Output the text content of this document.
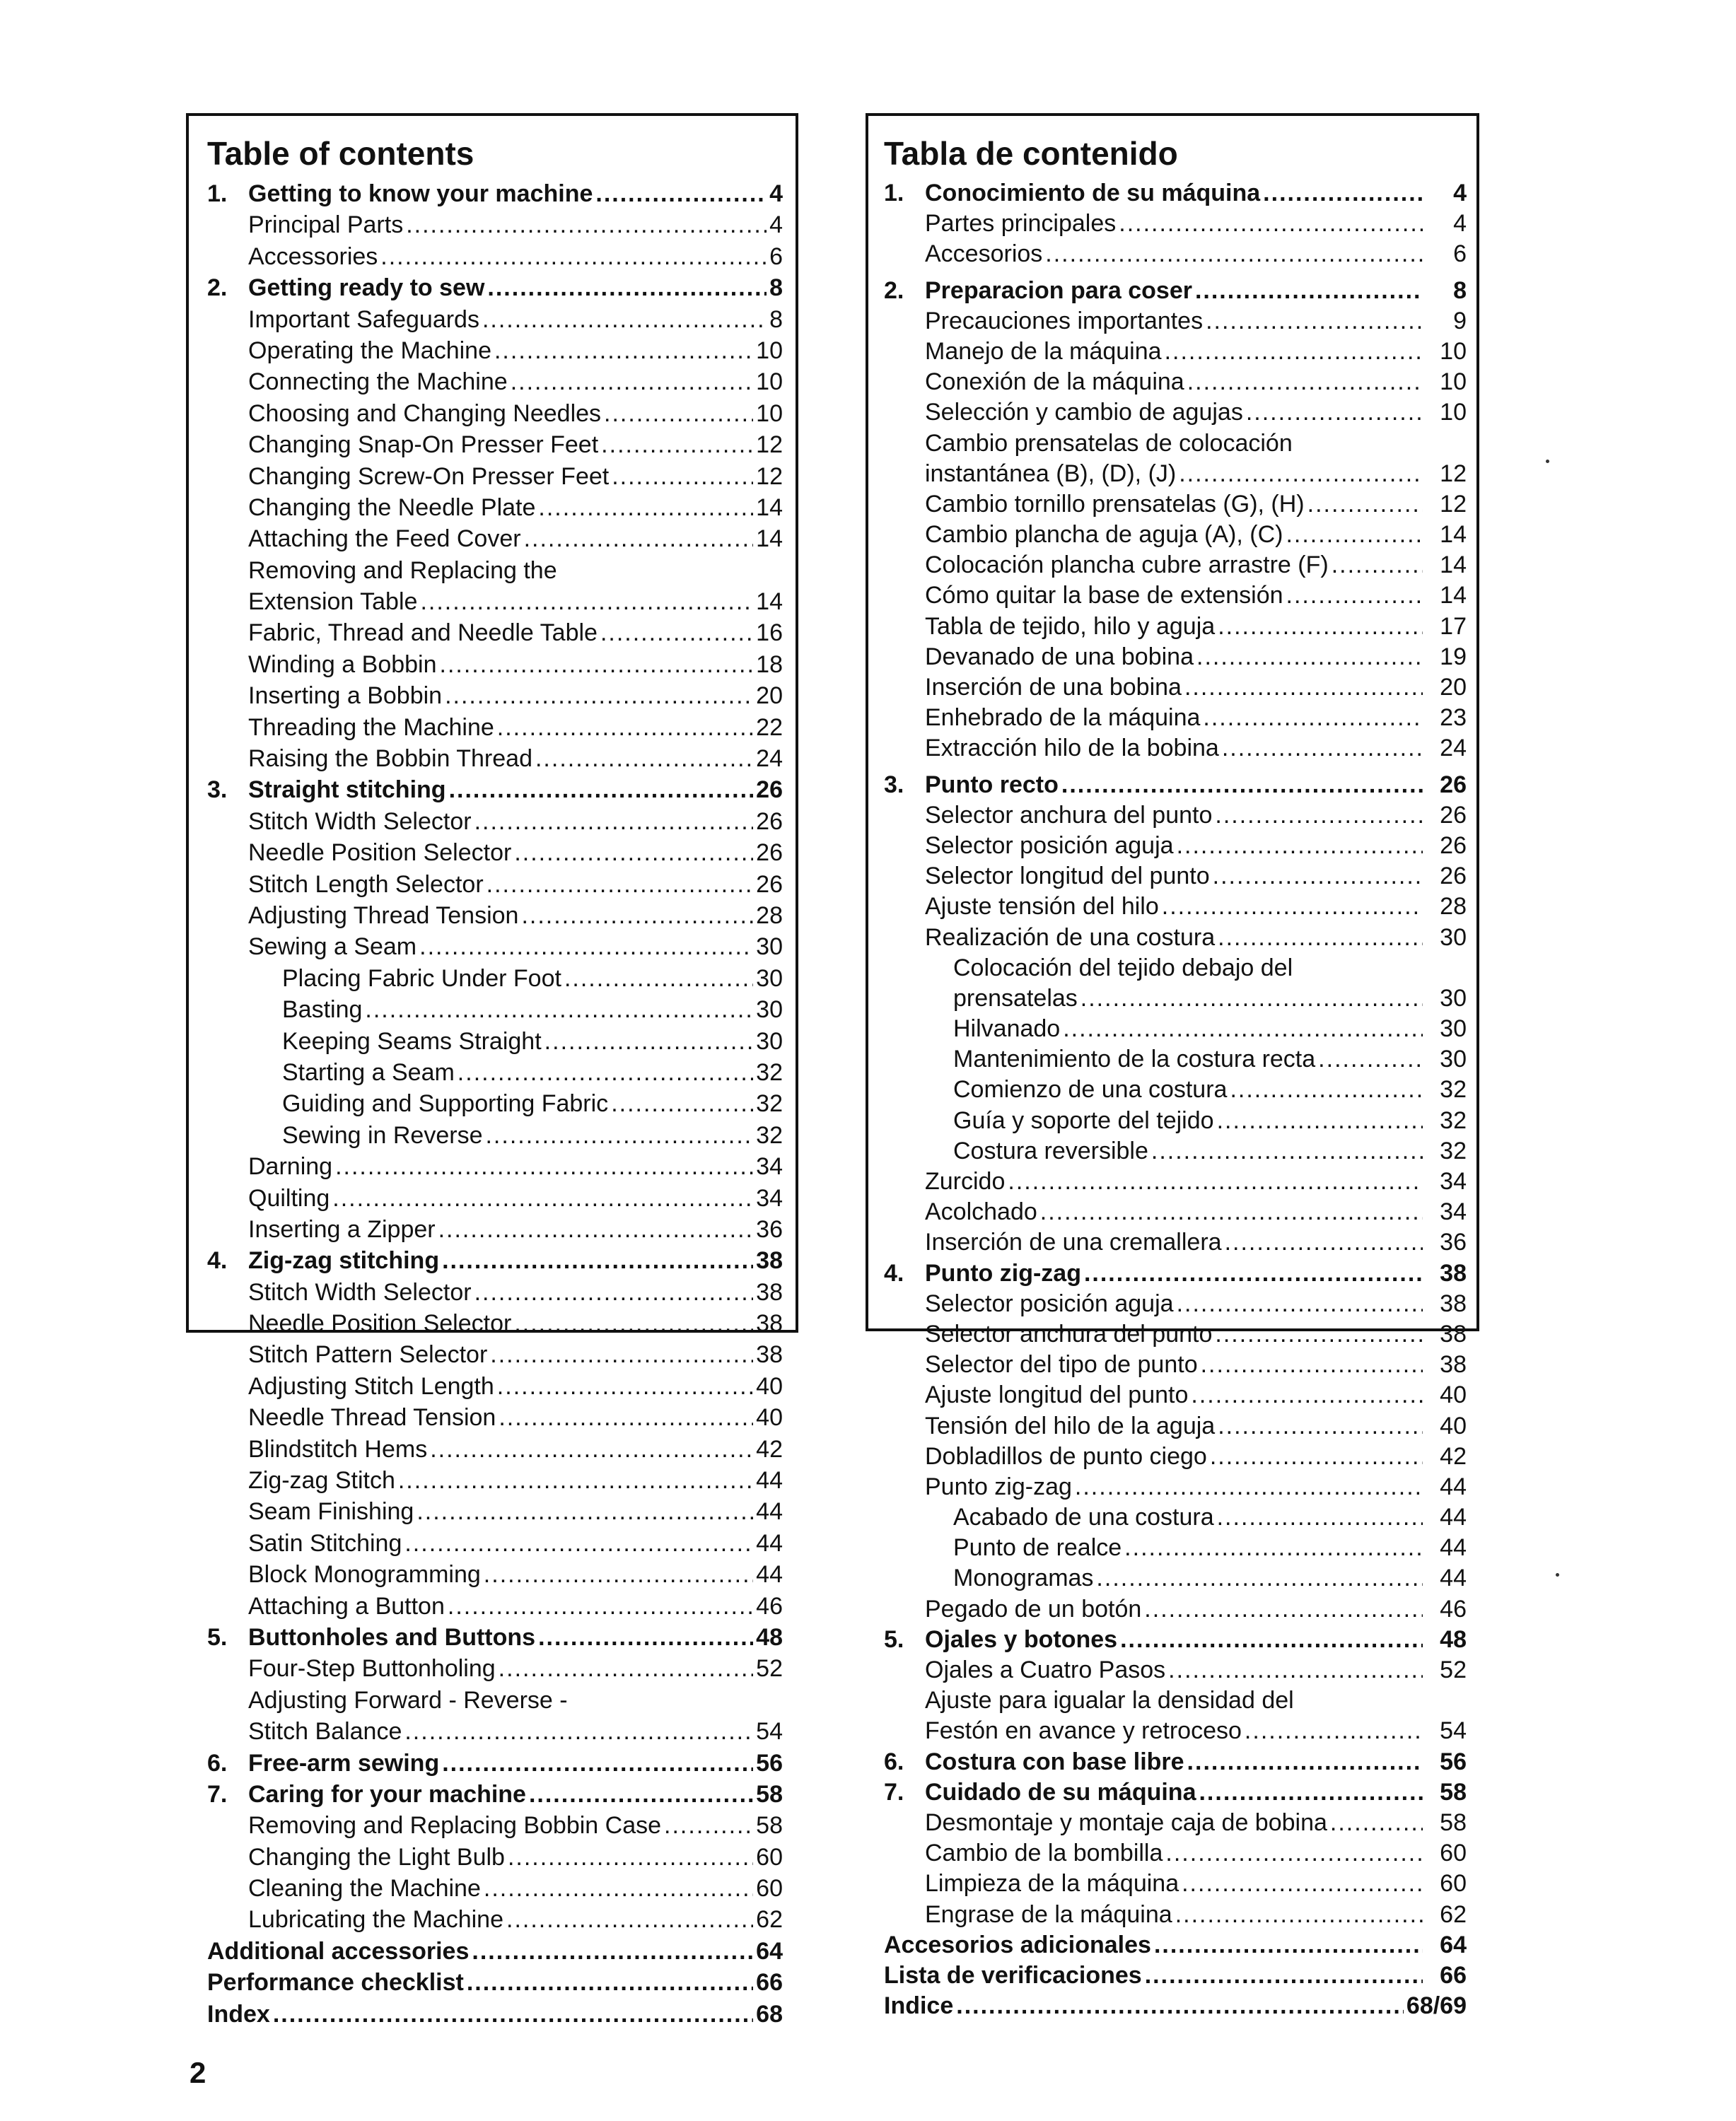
Table of contents
1. Getting to know your machine .....	4
Principal Parts .....	4
Accessories .....	6
2. Getting ready to sew .....	8
Important Safeguards .....	8
Operating the Machine .....	10
Connecting the Machine .....	10
Choosing and Changing Needles .....	10
Changing Snap-On Presser Feet .....	12
Changing Screw-On Presser Feet .....	12
Changing the Needle Plate .....	14
Attaching the Feed Cover .....	14
Removing and Replacing the
Extension Table .....	14
Fabric, Thread and Needle Table .....	16
Winding a Bobbin .....	18
Inserting a Bobbin .....	20
Threading the Machine .....	22
Raising the Bobbin Thread .....	24
3. Straight stitching .....	26
Stitch Width Selector .....	26
Needle Position Selector .....	26
Stitch Length Selector .....	26
Adjusting Thread Tension .....	28
Sewing a Seam .....	30
Placing Fabric Under Foot .....	30
Basting .....	30
Keeping Seams Straight .....	30
Starting a Seam .....	32
Guiding and Supporting Fabric .....	32
Sewing in Reverse .....	32
Darning .....	34
Quilting .....	34
Inserting a Zipper .....	36
4. Zig-zag stitching .....	38
Stitch Width Selector .....	38
Needle Position Selector .....	38
Stitch Pattern Selector .....	38
Adjusting Stitch Length .....	40
Needle Thread Tension .....	40
Blindstitch Hems .....	42
Zig-zag Stitch .....	44
Seam Finishing .....	44
Satin Stitching .....	44
Block Monogramming .....	44
Attaching a Button .....	46
5. Buttonholes and Buttons .....	48
Four-Step Buttonholing .....	52
Adjusting Forward - Reverse -
Stitch Balance .....	54
6. Free-arm sewing .....	56
7. Caring for your machine .....	58
Removing and Replacing Bobbin Case .....	58
Changing the Light Bulb .....	60
Cleaning the Machine .....	60
Lubricating the Machine .....	62
Additional accessories .....	64
Performance checklist .....	66
Index .....	68
Tabla de contenido
1. Conocimiento de su máquina .....	4
Partes principales .....	4
Accesorios .....	6
2. Preparacion para coser .....	8
Precauciones importantes .....	9
Manejo de la máquina .....	10
Conexión de la máquina .....	10
Selección y cambio de agujas .....	10
Cambio prensatelas de colocación
instantánea (B), (D), (J) .....	12
Cambio tornillo prensatelas (G), (H) .....	12
Cambio plancha de aguja (A), (C) .....	14
Colocación plancha cubre arrastre (F) .....	14
Cómo quitar la base de extensión .....	14
Tabla de tejido, hilo y aguja .....	17
Devanado de una bobina .....	19
Inserción de una bobina .....	20
Enhebrado de la máquina .....	23
Extracción hilo de la bobina .....	24
3. Punto recto .....	26
Selector anchura del punto .....	26
Selector posición aguja .....	26
Selector longitud del punto .....	26
Ajuste tensión del hilo .....	28
Realización de una costura .....	30
Colocación del tejido debajo del
prensatelas .....	30
Hilvanado .....	30
Mantenimiento de la costura recta .....	30
Comienzo de una costura .....	32
Guía y soporte del tejido .....	32
Costura reversible .....	32
Zurcido .....	34
Acolchado .....	34
Inserción de una cremallera .....	36
4. Punto zig-zag .....	38
Selector posición aguja .....	38
Selector anchura del punto .....	38
Selector del tipo de punto .....	38
Ajuste longitud del punto .....	40
Tensión del hilo de la aguja .....	40
Dobladillos de punto ciego .....	42
Punto zig-zag .....	44
Acabado de una costura .....	44
Punto de realce .....	44
Monogramas .....	44
Pegado de un botón .....	46
5. Ojales y botones .....	48
Ojales a Cuatro Pasos .....	52
Ajuste para igualar la densidad del
Festón en avance y retroceso .....	54
6. Costura con base libre .....	56
7. Cuidado de su máquina .....	58
Desmontaje y montaje caja de bobina .....	58
Cambio de la bombilla .....	60
Limpieza de la máquina .....	60
Engrase de la máquina .....	62
Accesorios adicionales .....	64
Lista de verificaciones .....	66
Indice .....	68/69
2
